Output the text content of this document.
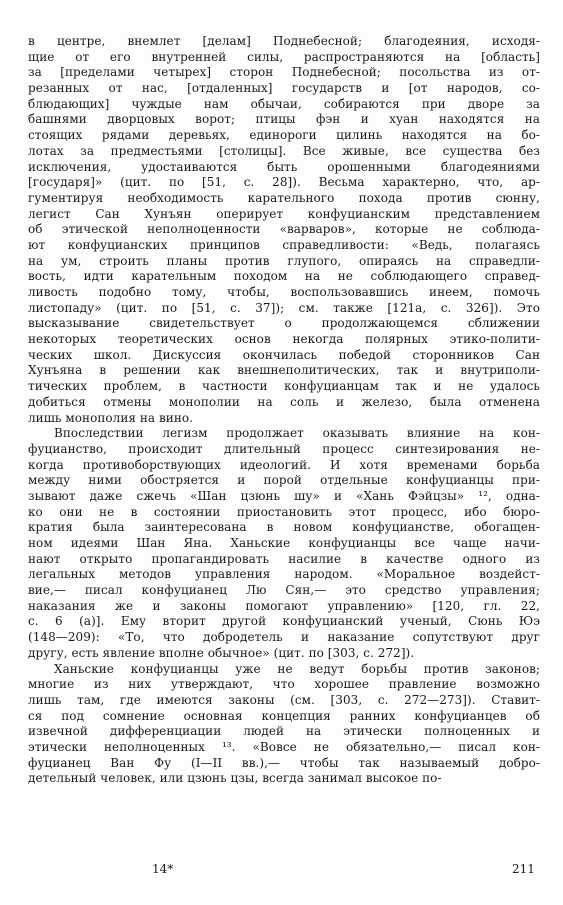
в центре, внемлет [делам] Поднебесной; благодеяния, исходя-
щие от его внутренней силы, распространяются на [область]
за [пределами четырех] сторон Поднебесной; посольства из от-
резанных от нас, [отдаленных] государств и [от народов, со-
блюдающих] чуждые нам обычаи, собираются при дворе за
башнями дворцовых ворот; птицы фэн и хуан находятся на
стоящих рядами деревьях, единороги цилинь находятся на бо-
лотах за предместьями [столицы]. Все живые, все существа без
исключения, удостаиваются быть орошенными благодеяниями
[государя]» (цит. по [51, с. 28]). Весьма характерно, что, ар-
гументируя необходимость карательного похода против сюнну,
легист Сан Хунъян оперирует конфуцианским представлением
об этической неполноценности «варваров», которые не соблюда-
ют конфуцианских принципов справедливости: «Ведь, полагаясь
на ум, строить планы против глупого, опираясь на справедли-
вость, идти карательным походом на не соблюдающего справед-
ливость подобно тому, чтобы, воспользовавшись инеем, помочь
листопаду» (цит. по [51, с. 37]); см. также [121а, с. 326]). Это
высказывание свидетельствует о продолжающемся сближении
некоторых теоретических основ некогда полярных этико-полити-
ческих школ. Дискуссия окончилась победой сторонников Сан
Хунъяна в решении как внешнеполитических, так и внутриполи-
тических проблем, в частности конфуцианцам так и не удалось
добиться отмены монополии на соль и железо, была отменена
лишь монополия на вино.
Впоследствии легизм продолжает оказывать влияние на кон-
фуцианство, происходит длительный процесс синтезирования не-
когда противоборствующих идеологий. И хотя временами борьба
между ними обостряется и порой отдельные конфуцианцы при-
зывают даже сжечь «Шан цзюнь шу» и «Хань Фэйцзы» ¹², одна-
ко они не в состоянии приостановить этот процесс, ибо бюро-
кратия была заинтересована в новом конфуцианстве, обогащен-
ном идеями Шан Яна. Ханьские конфуцианцы все чаще начи-
нают открыто пропагандировать насилие в качестве одного из
легальных методов управления народом. «Моральное воздейст-
вие,— писал конфуцианец Лю Сян,— это средство управления;
наказания же и законы помогают управлению» [120, гл. 22,
с. 6 (а)]. Ему вторит другой конфуцианский ученый, Сюнь Юэ
(148—209): «То, что добродетель и наказание сопутствуют друг
другу, есть явление вполне обычное» (цит. по [303, с. 272]).
Ханьские конфуцианцы уже не ведут борьбы против законов;
многие из них утверждают, что хорошее правление возможно
лишь там, где имеются законы (см. [303, с. 272—273]). Ставит-
ся под сомнение основная концепция ранних конфуцианцев об
извечной дифференциации людей на этически полноценных и
этически неполноценных ¹³. «Вовсе не обязательно,— писал кон-
фуцианец Ван Фу (I—II вв.),— чтобы так называемый добро-
детельный человек, или цзюнь цзы, всегда занимал высокое по-
14*	211
